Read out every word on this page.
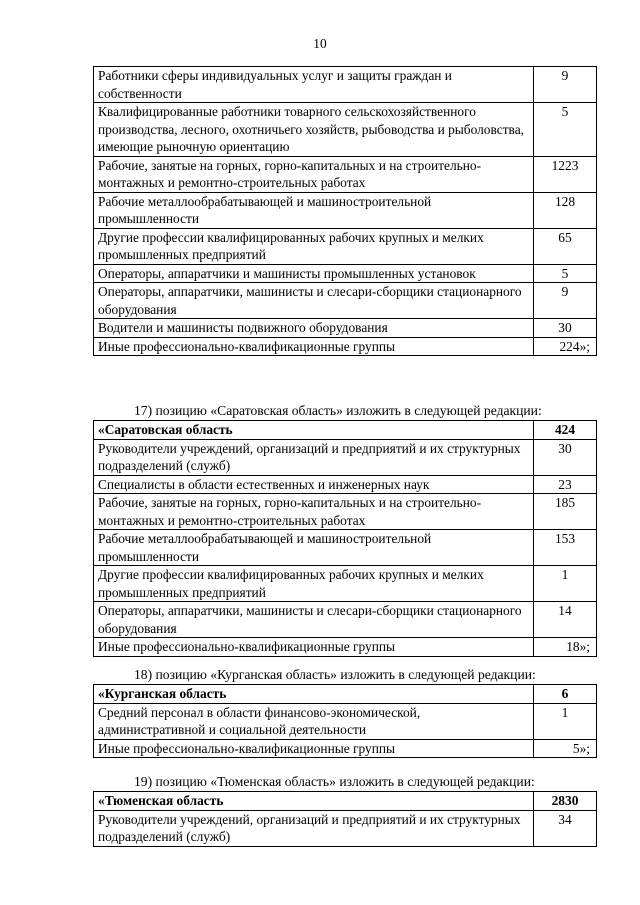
10
Работники сферы индивидуальных услуг и защиты граждан и собственности	9
Квалифицированные работники товарного сельскохозяйственного производства, лесного, охотничьего хозяйств, рыбоводства и рыболовства, имеющие рыночную ориентацию	5
Рабочие, занятые на горных, горно-капитальных и на строительно-монтажных и ремонтно-строительных работах	1223
Рабочие металлообрабатывающей и машиностроительной промышленности	128
Другие профессии квалифицированных рабочих крупных и мелких промышленных предприятий	65
Операторы, аппаратчики и машинисты промышленных установок	5
Операторы, аппаратчики, машинисты и слесари-сборщики стационарного оборудования	9
Водители и машинисты подвижного оборудования	30
Иные профессионально-квалификационные группы	224»;
17) позицию «Саратовская область» изложить в следующей редакции:
«Саратовская область	424
Руководители учреждений, организаций и предприятий и их структурных подразделений (служб)	30
Специалисты в области естественных и инженерных наук	23
Рабочие, занятые на горных, горно-капитальных и на строительно-монтажных и ремонтно-строительных работах	185
Рабочие металлообрабатывающей и машиностроительной промышленности	153
Другие профессии квалифицированных рабочих крупных и мелких промышленных предприятий	1
Операторы, аппаратчики, машинисты и слесари-сборщики стационарного оборудования	14
Иные профессионально-квалификационные группы	18»;
18) позицию «Курганская область» изложить в следующей редакции:
«Курганская область	6
Средний персонал в области финансово-экономической, административной и социальной деятельности	1
Иные профессионально-квалификационные группы	5»;
19) позицию «Тюменская область» изложить в следующей редакции:
«Тюменская область	2830
Руководители учреждений, организаций и предприятий и их структурных подразделений (служб)	34
